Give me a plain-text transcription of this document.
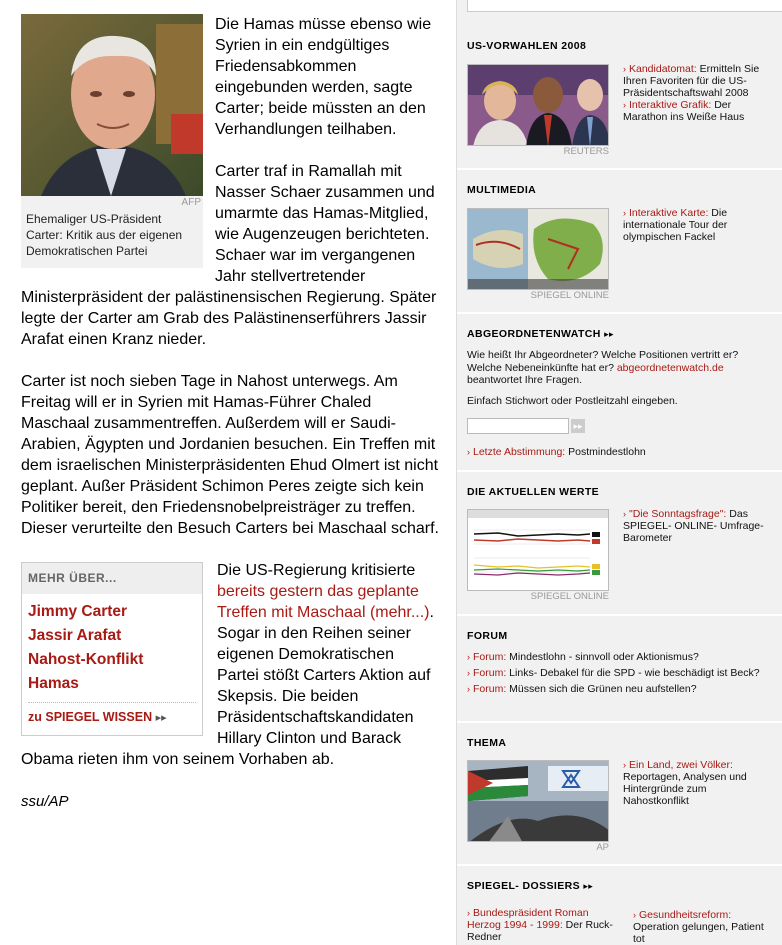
AFP
Ehemaliger US-Präsident Carter: Kritik aus der eigenen Demokratischen Partei

Die Hamas müsse ebenso wie Syrien in ein endgültiges Friedensabkommen eingebunden werden, sagte Carter; beide müssten an den Verhandlungen teilhaben.

Carter traf in Ramallah mit Nasser Schaer zusammen und umarmte das Hamas-Mitglied, wie Augenzeugen berichteten. Schaer war im vergangenen Jahr stellvertretender Ministerpräsident der palästinensischen Regierung. Später legte der Carter am Grab des Palästinenserführers Jassir Arafat einen Kranz nieder.

Carter ist noch sieben Tage in Nahost unterwegs. Am Freitag will er in Syrien mit Hamas-Führer Chaled Maschaal zusammentreffen. Außerdem will er Saudi-Arabien, Ägypten und Jordanien besuchen. Ein Treffen mit dem israelischen Ministerpräsidenten Ehud Olmert ist nicht geplant. Außer Präsident Schimon Peres zeigte sich kein Politiker bereit, den Friedensnobelpreisträger zu treffen. Dieser verurteilte den Besuch Carters bei Maschaal scharf.

MEHR ÜBER...
Jimmy Carter
Jassir Arafat
Nahost-Konflikt
Hamas
zu SPIEGEL WISSEN ▸▸

Die US-Regierung kritisierte bereits gestern das geplante Treffen mit Maschaal (mehr...). Sogar in den Reihen seiner eigenen Demokratischen Partei stößt Carters Aktion auf Skepsis. Die beiden Präsidentschaftskandidaten Hillary Clinton und Barack Obama rieten ihm von seinem Vorhaben ab.

ssu/AP
US-VORWAHLEN 2008
REUTERS
› Kandidatomat: Ermitteln Sie Ihren Favoriten für die US-Präsidentschaftswahl 2008
› Interaktive Grafik: Der Marathon ins Weiße Haus
MULTIMEDIA
SPIEGEL ONLINE
› Interaktive Karte: Die internationale Tour der olympischen Fackel
ABGEORDNETENWATCH ▸▸
Wie heißt Ihr Abgeordneter? Welche Positionen vertritt er? Welche Nebeneinkünfte hat er? abgeordnetenwatch.de beantwortet Ihre Fragen.
Einfach Stichwort oder Postleitzahl eingeben.
▸▸
› Letzte Abstimmung: Postmindestlohn
DIE AKTUELLEN WERTE
SPIEGEL ONLINE
› "Die Sonntagsfrage": Das SPIEGEL- ONLINE- Umfrage- Barometer
FORUM
› Forum: Mindestlohn - sinnvoll oder Aktionismus?
› Forum: Links- Debakel für die SPD - wie beschädigt ist Beck?
› Forum: Müssen sich die Grünen neu aufstellen?
THEMA
AP
› Ein Land, zwei Völker: Reportagen, Analysen und Hintergründe zum Nahostkonflikt
SPIEGEL- DOSSIERS ▸▸
› Bundespräsident Roman Herzog 1994 - 1999: Der Ruck- Redner
› Gesundheitsreform: Operation gelungen, Patient tot
